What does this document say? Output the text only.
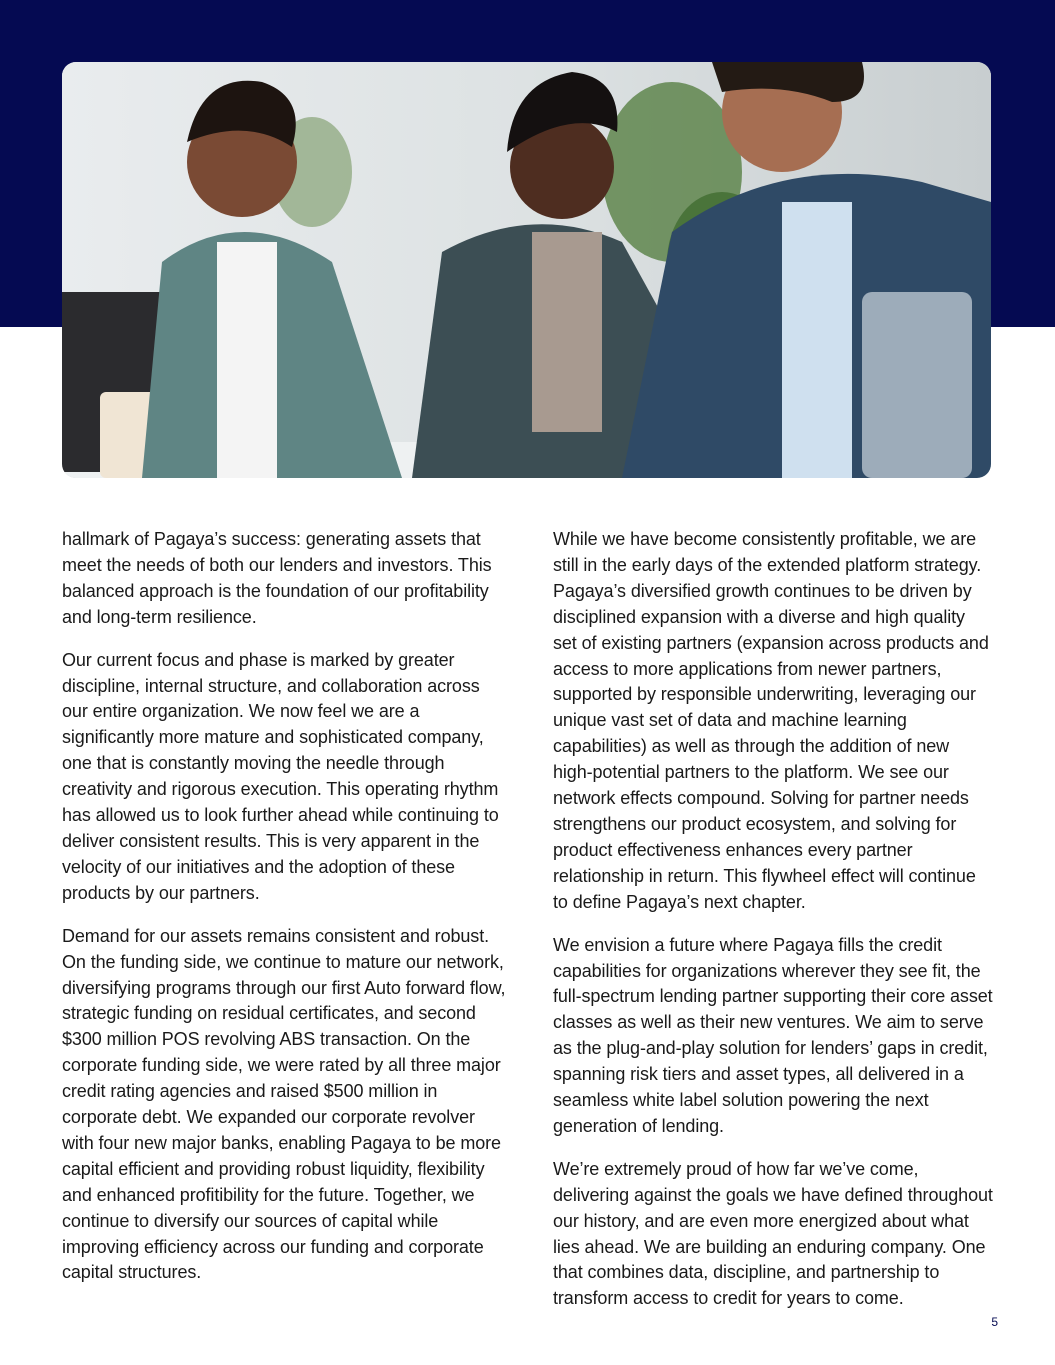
hallmark of Pagaya’s success: generating assets that meet the needs of both our lenders and investors. This balanced approach is the foundation of our profitability and long-term resilience.

Our current focus and phase is marked by greater discipline, internal structure, and collaboration across our entire organization. We now feel we are a significantly more mature and sophisticated company, one that is constantly moving the needle through creativity and rigorous execution. This operating rhythm has allowed us to look further ahead while continuing to deliver consistent results. This is very apparent in the velocity of our initiatives and the adoption of these products by our partners.

Demand for our assets remains consistent and robust. On the funding side, we continue to mature our network, diversifying programs through our first Auto forward flow, strategic funding on residual certificates, and second $300 million POS revolving ABS transaction. On the corporate funding side, we were rated by all three major credit rating agencies and raised $500 million in corporate debt. We expanded our corporate revolver with four new major banks, enabling Pagaya to be more capital efficient and providing robust liquidity, flexibility and enhanced profitibility for the future. Together, we continue to diversify our sources of capital while improving efficiency across our funding and corporate capital structures.

While we have become consistently profitable, we are still in the early days of the extended platform strategy. Pagaya’s diversified growth continues to be driven by disciplined expansion with a diverse and high quality set of existing partners (expansion across products and access to more applications from newer partners, supported by responsible underwriting, leveraging our unique vast set of data and machine learning capabilities) as well as through the addition of new high-potential partners to the platform. We see our network effects compound. Solving for partner needs strengthens our product ecosystem, and solving for product effectiveness enhances every partner relationship in return. This flywheel effect will continue to define Pagaya’s next chapter.

We envision a future where Pagaya fills the credit capabilities for organizations wherever they see fit, the full-spectrum lending partner supporting their core asset classes as well as their new ventures. We aim to serve as the plug-and-play solution for lenders’ gaps in credit, spanning risk tiers and asset types, all delivered in a seamless white label solution powering the next generation of lending.

We’re extremely proud of how far we’ve come, delivering against the goals we have defined throughout our history, and are even more energized about what lies ahead. We are building an enduring company. One that combines data, discipline, and partnership to transform access to credit for years to come.

5
